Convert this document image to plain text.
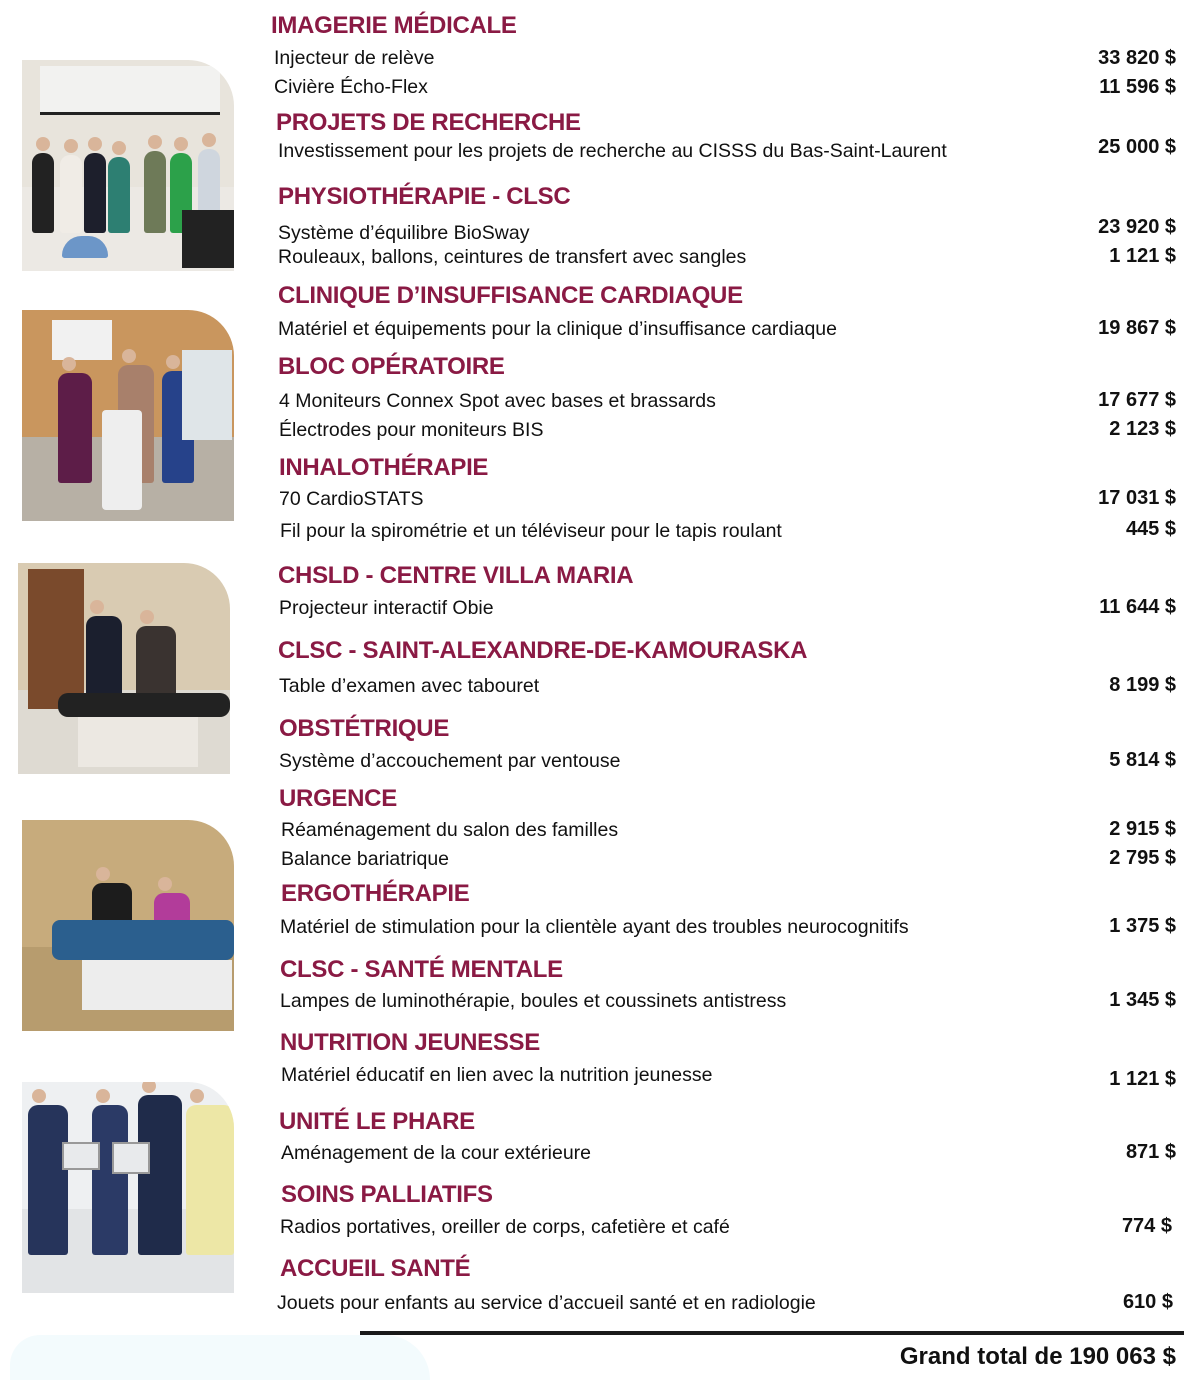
IMAGERIE MÉDICALE
Injecteur de relève	33 820 $
Civière Écho-Flex	11 596 $
PROJETS DE RECHERCHE
Investissement pour les projets de recherche au CISSS du Bas-Saint-Laurent	25 000 $
PHYSIOTHÉRAPIE - CLSC
Système d’équilibre BioSway	23 920 $
Rouleaux, ballons, ceintures de transfert avec sangles	1 121 $
CLINIQUE D’INSUFFISANCE CARDIAQUE
Matériel et équipements pour la clinique d’insuffisance cardiaque	19 867 $
BLOC OPÉRATOIRE
4 Moniteurs Connex Spot avec bases et brassards	17 677 $
Électrodes pour moniteurs BIS	2 123 $
INHALOTHÉRAPIE
70 CardioSTATS	17 031 $
Fil pour la spirométrie et un téléviseur pour le tapis roulant	445 $
CHSLD - CENTRE VILLA MARIA
Projecteur interactif Obie	11 644 $
CLSC - SAINT-ALEXANDRE-DE-KAMOURASKA
Table d’examen avec tabouret	8 199 $
OBSTÉTRIQUE
Système d’accouchement par ventouse	5 814 $
URGENCE
Réaménagement du salon des familles	2 915 $
Balance bariatrique	2 795 $
ERGOTHÉRAPIE
Matériel de stimulation pour la clientèle ayant des troubles neurocognitifs	1 375 $
CLSC - SANTÉ MENTALE
Lampes de luminothérapie, boules et coussinets antistress	1 345 $
NUTRITION JEUNESSE
Matériel éducatif en lien avec la nutrition jeunesse	1 121 $
UNITÉ LE PHARE
Aménagement de la cour extérieure	871 $
SOINS PALLIATIFS
Radios portatives, oreiller de corps, cafetière et café	774 $
ACCUEIL SANTÉ
Jouets pour enfants au service d’accueil santé et en radiologie	610 $
Grand total de 190 063 $
